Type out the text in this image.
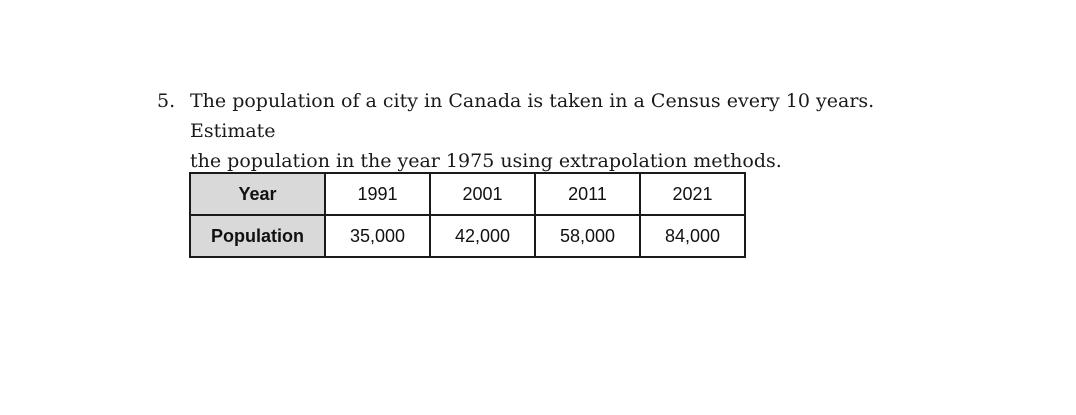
5. The population of a city in Canada is taken in a Census every 10 years. Estimate
the population in the year 1975 using extrapolation methods.
Year	1991	2001	2011	2021
Population	35,000	42,000	58,000	84,000
